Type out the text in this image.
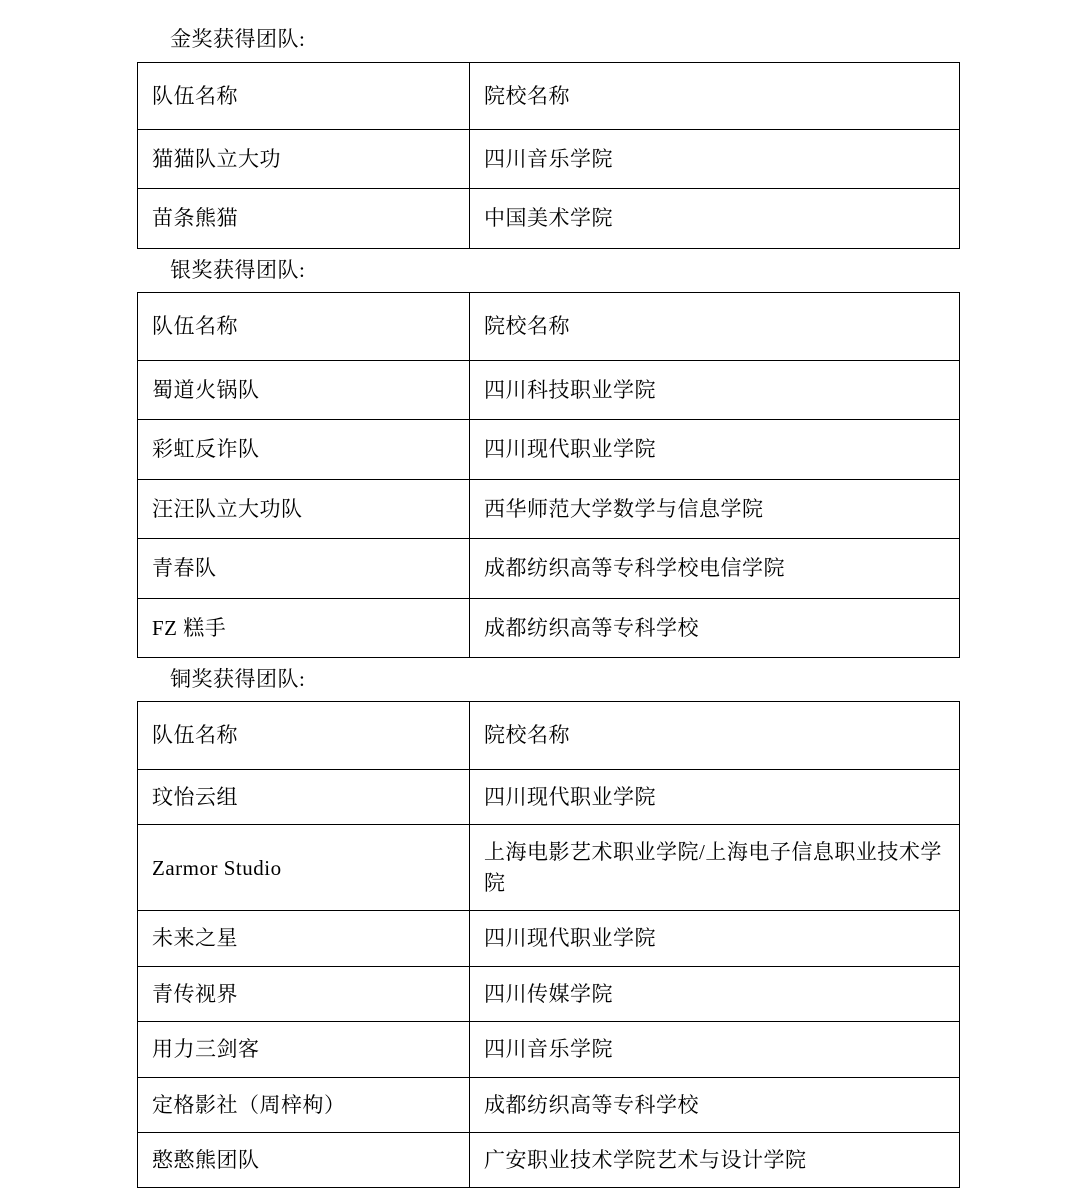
金奖获得团队:
队伍名称	院校名称
猫猫队立大功	四川音乐学院
苗条熊猫	中国美术学院
银奖获得团队:
队伍名称	院校名称
蜀道火锅队	四川科技职业学院
彩虹反诈队	四川现代职业学院
汪汪队立大功队	西华师范大学数学与信息学院
青春队	成都纺织高等专科学校电信学院
FZ 糕手	成都纺织高等专科学校
铜奖获得团队:
队伍名称	院校名称
玟怡云组	四川现代职业学院
Zarmor Studio	上海电影艺术职业学院/上海电子信息职业技术学院
未来之星	四川现代职业学院
青传视界	四川传媒学院
用力三剑客	四川音乐学院
定格影社（周梓枸）	成都纺织高等专科学校
憨憨熊团队	广安职业技术学院艺术与设计学院
